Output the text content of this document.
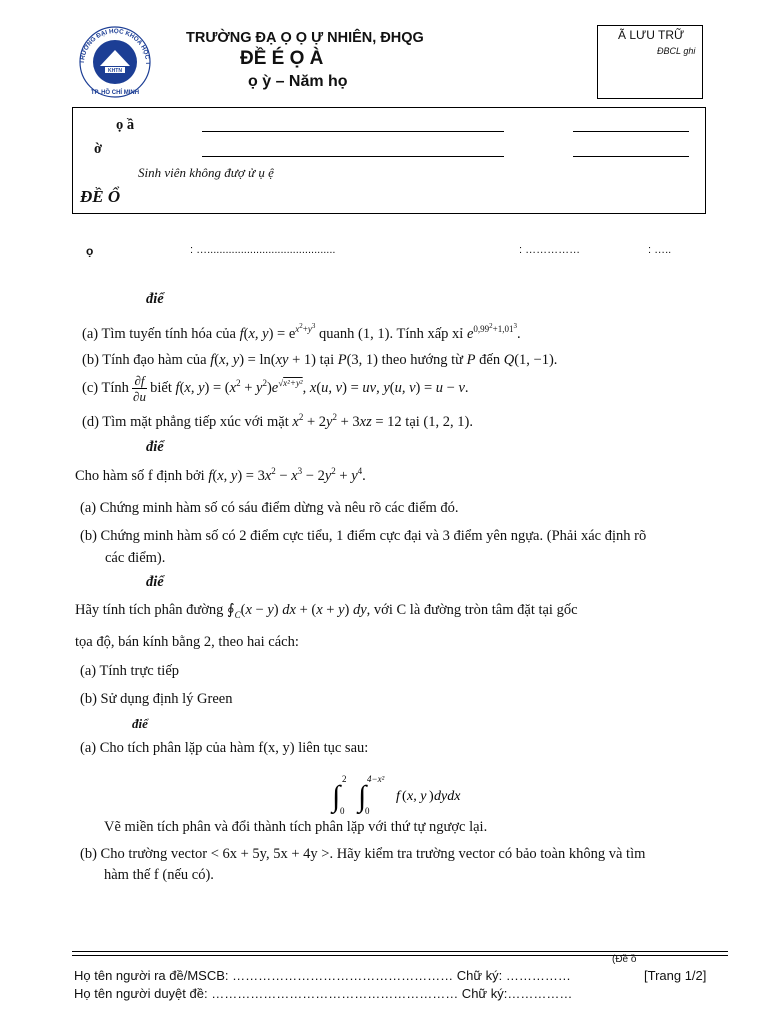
TRƯỜNG ĐẠI HỌC KHOA HỌC T
KHTN
TP. HỒ CHÍ MINH
TRƯỜNG ĐẠ Ọ Ọ Ự NHIÊN, ĐHQG
ĐỀ É Ọ À
ọ ỳ – Năm họ
Ã LƯU TRỮ
ĐBCL ghi
ọ ầ
ờ
Sinh viên không đượ ử ụ ệ
ĐỀ Ổ
ọ	: …..........................................	: ……………	: …..
điể
(a) Tìm tuyến tính hóa của f(x, $y) = e^{x^2+y^3}$ quanh (1, 1). Tính xấp xỉ $e^{0,99^2+1,01^3}$.
(b) Tính đạo hàm của f(x, y) = ln(xy + 1) tại P(3, 1) theo hướng từ P đến Q(1, −1).
(c) Tính $\frac{\partial f}{\partial u}$ biết f(x, $y) = (x^2 + y^2)e^{√x^2+y^2}$, x(u, v) = uv, y(u, v) = u − v.
(d) Tìm mặt phẳng tiếp xúc với mặt $x^2 + 2y^2 + 3xz = 12$ tại (1, 2, 1).
điể
Cho hàm số f định bởi f(x, $y) = 3x^2 - x^3 - 2y^2 + y^4$.
(a) Chứng minh hàm số có sáu điểm dừng và nêu rõ các điểm đó.
(b) Chứng minh hàm số có 2 điểm cực tiểu, 1 điểm cực đại và 3 điểm yên ngựa. (Phải xác định rõ
các điểm).
điể
Hãy tính tích phân đường $∮_C(x - y)$ dx + (x + y) dy, với C là đường tròn tâm đặt tại gốc
tọa độ, bán kính bằng 2, theo hai cách:
(a) Tính trực tiếp
(b) Sử dụng định lý Green
điể
(a) Cho tích phân lặp của hàm f(x, y) liên tục sau:
∫
2
0 ∫
4−x²
0
f ( x, y ) dydx
Vẽ miền tích phân và đổi thành tích phân lặp với thứ tự ngược lại.
(b) Cho trường vector < 6x + 5y, 5x + 4y >. Hãy kiểm tra trường vector có bảo toàn không và tìm
hàm thế f (nếu có).
(Đề ồ
Họ tên người ra đề/MSCB: …………………………………………… Chữ ký: ……………	[Trang 1/2]
Họ tên người duyệt đề: ………………………………………………… Chữ ký:……………
